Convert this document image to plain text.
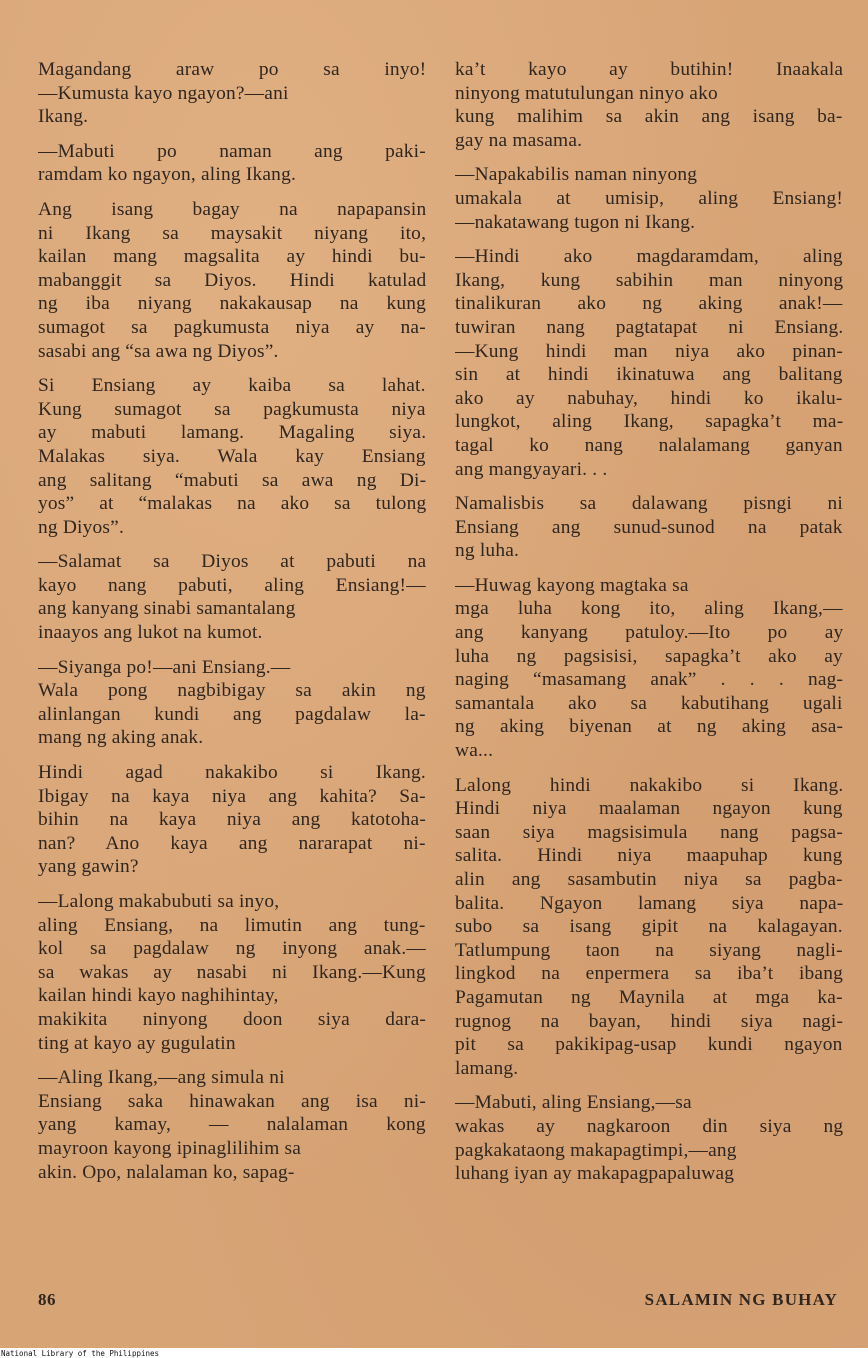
Magandang araw po sa inyo!
—Kumusta kayo ngayon?—ani
Ikang.
—Mabuti po naman ang paki-
ramdam ko ngayon, aling Ikang.
Ang isang bagay na napapansin
ni Ikang sa maysakit niyang ito,
kailan mang magsalita ay hindi bu-
mabanggit sa Diyos. Hindi katulad
ng iba niyang nakakausap na kung
sumagot sa pagkumusta niya ay na-
sasabi ang “sa awa ng Diyos”.
Si Ensiang ay kaiba sa lahat.
Kung sumagot sa pagkumusta niya
ay mabuti lamang. Magaling siya.
Malakas siya. Wala kay Ensiang
ang salitang “mabuti sa awa ng Di-
yos” at “malakas na ako sa tulong
ng Diyos”.
—Salamat sa Diyos at pabuti na
kayo nang pabuti, aling Ensiang!—
ang kanyang sinabi samantalang
inaayos ang lukot na kumot.
—Siyanga po!—ani Ensiang.—
Wala pong nagbibigay sa akin ng
alinlangan kundi ang pagdalaw la-
mang ng aking anak.
Hindi agad nakakibo si Ikang.
Ibigay na kaya niya ang kahita? Sa-
bihin na kaya niya ang katotoha-
nan? Ano kaya ang nararapat ni-
yang gawin?
—Lalong makabubuti sa inyo,
aling Ensiang, na limutin ang tung-
kol sa pagdalaw ng inyong anak.—
sa wakas ay nasabi ni Ikang.—Kung
kailan hindi kayo naghihintay,
makikita ninyong doon siya dara-
ting at kayo ay gugulatin
—Aling Ikang,—ang simula ni
Ensiang saka hinawakan ang isa ni-
yang kamay, — nalalaman kong
mayroon kayong ipinaglilihim sa
akin. Opo, nalalaman ko, sapag-
ka’t kayo ay butihin! Inaakala
ninyong matutulungan ninyo ako
kung malihim sa akin ang isang ba-
gay na masama.
—Napakabilis naman ninyong
umakala at umisip, aling Ensiang!
—nakatawang tugon ni Ikang.
—Hindi ako magdaramdam, aling
Ikang, kung sabihin man ninyong
tinalikuran ako ng aking anak!—
tuwiran nang pagtatapat ni Ensiang.
—Kung hindi man niya ako pinan-
sin at hindi ikinatuwa ang balitang
ako ay nabuhay, hindi ko ikalu-
lungkot, aling Ikang, sapagka’t ma-
tagal ko nang nalalamang ganyan
ang mangyayari. . .
Namalisbis sa dalawang pisngi ni
Ensiang ang sunud-sunod na patak
ng luha.
—Huwag kayong magtaka sa
mga luha kong ito, aling Ikang,—
ang kanyang patuloy.—Ito po ay
luha ng pagsisisi, sapagka’t ako ay
naging “masamang anak” . . . nag-
samantala ako sa kabutihang ugali
ng aking biyenan at ng aking asa-
wa...
Lalong hindi nakakibo si Ikang.
Hindi niya maalaman ngayon kung
saan siya magsisimula nang pagsa-
salita. Hindi niya maapuhap kung
alin ang sasambutin niya sa pagba-
balita. Ngayon lamang siya napa-
subo sa isang gipit na kalagayan.
Tatlumpung taon na siyang nagli-
lingkod na enpermera sa iba’t ibang
Pagamutan ng Maynila at mga ka-
rugnog na bayan, hindi siya nagi-
pit sa pakikipag-usap kundi ngayon
lamang.
—Mabuti, aling Ensiang,—sa
wakas ay nagkaroon din siya ng
pagkakataong makapagtimpi,—ang
luhang iyan ay makapagpapaluwag
86	SALAMIN NG BUHAY
National Library of the Philippines
